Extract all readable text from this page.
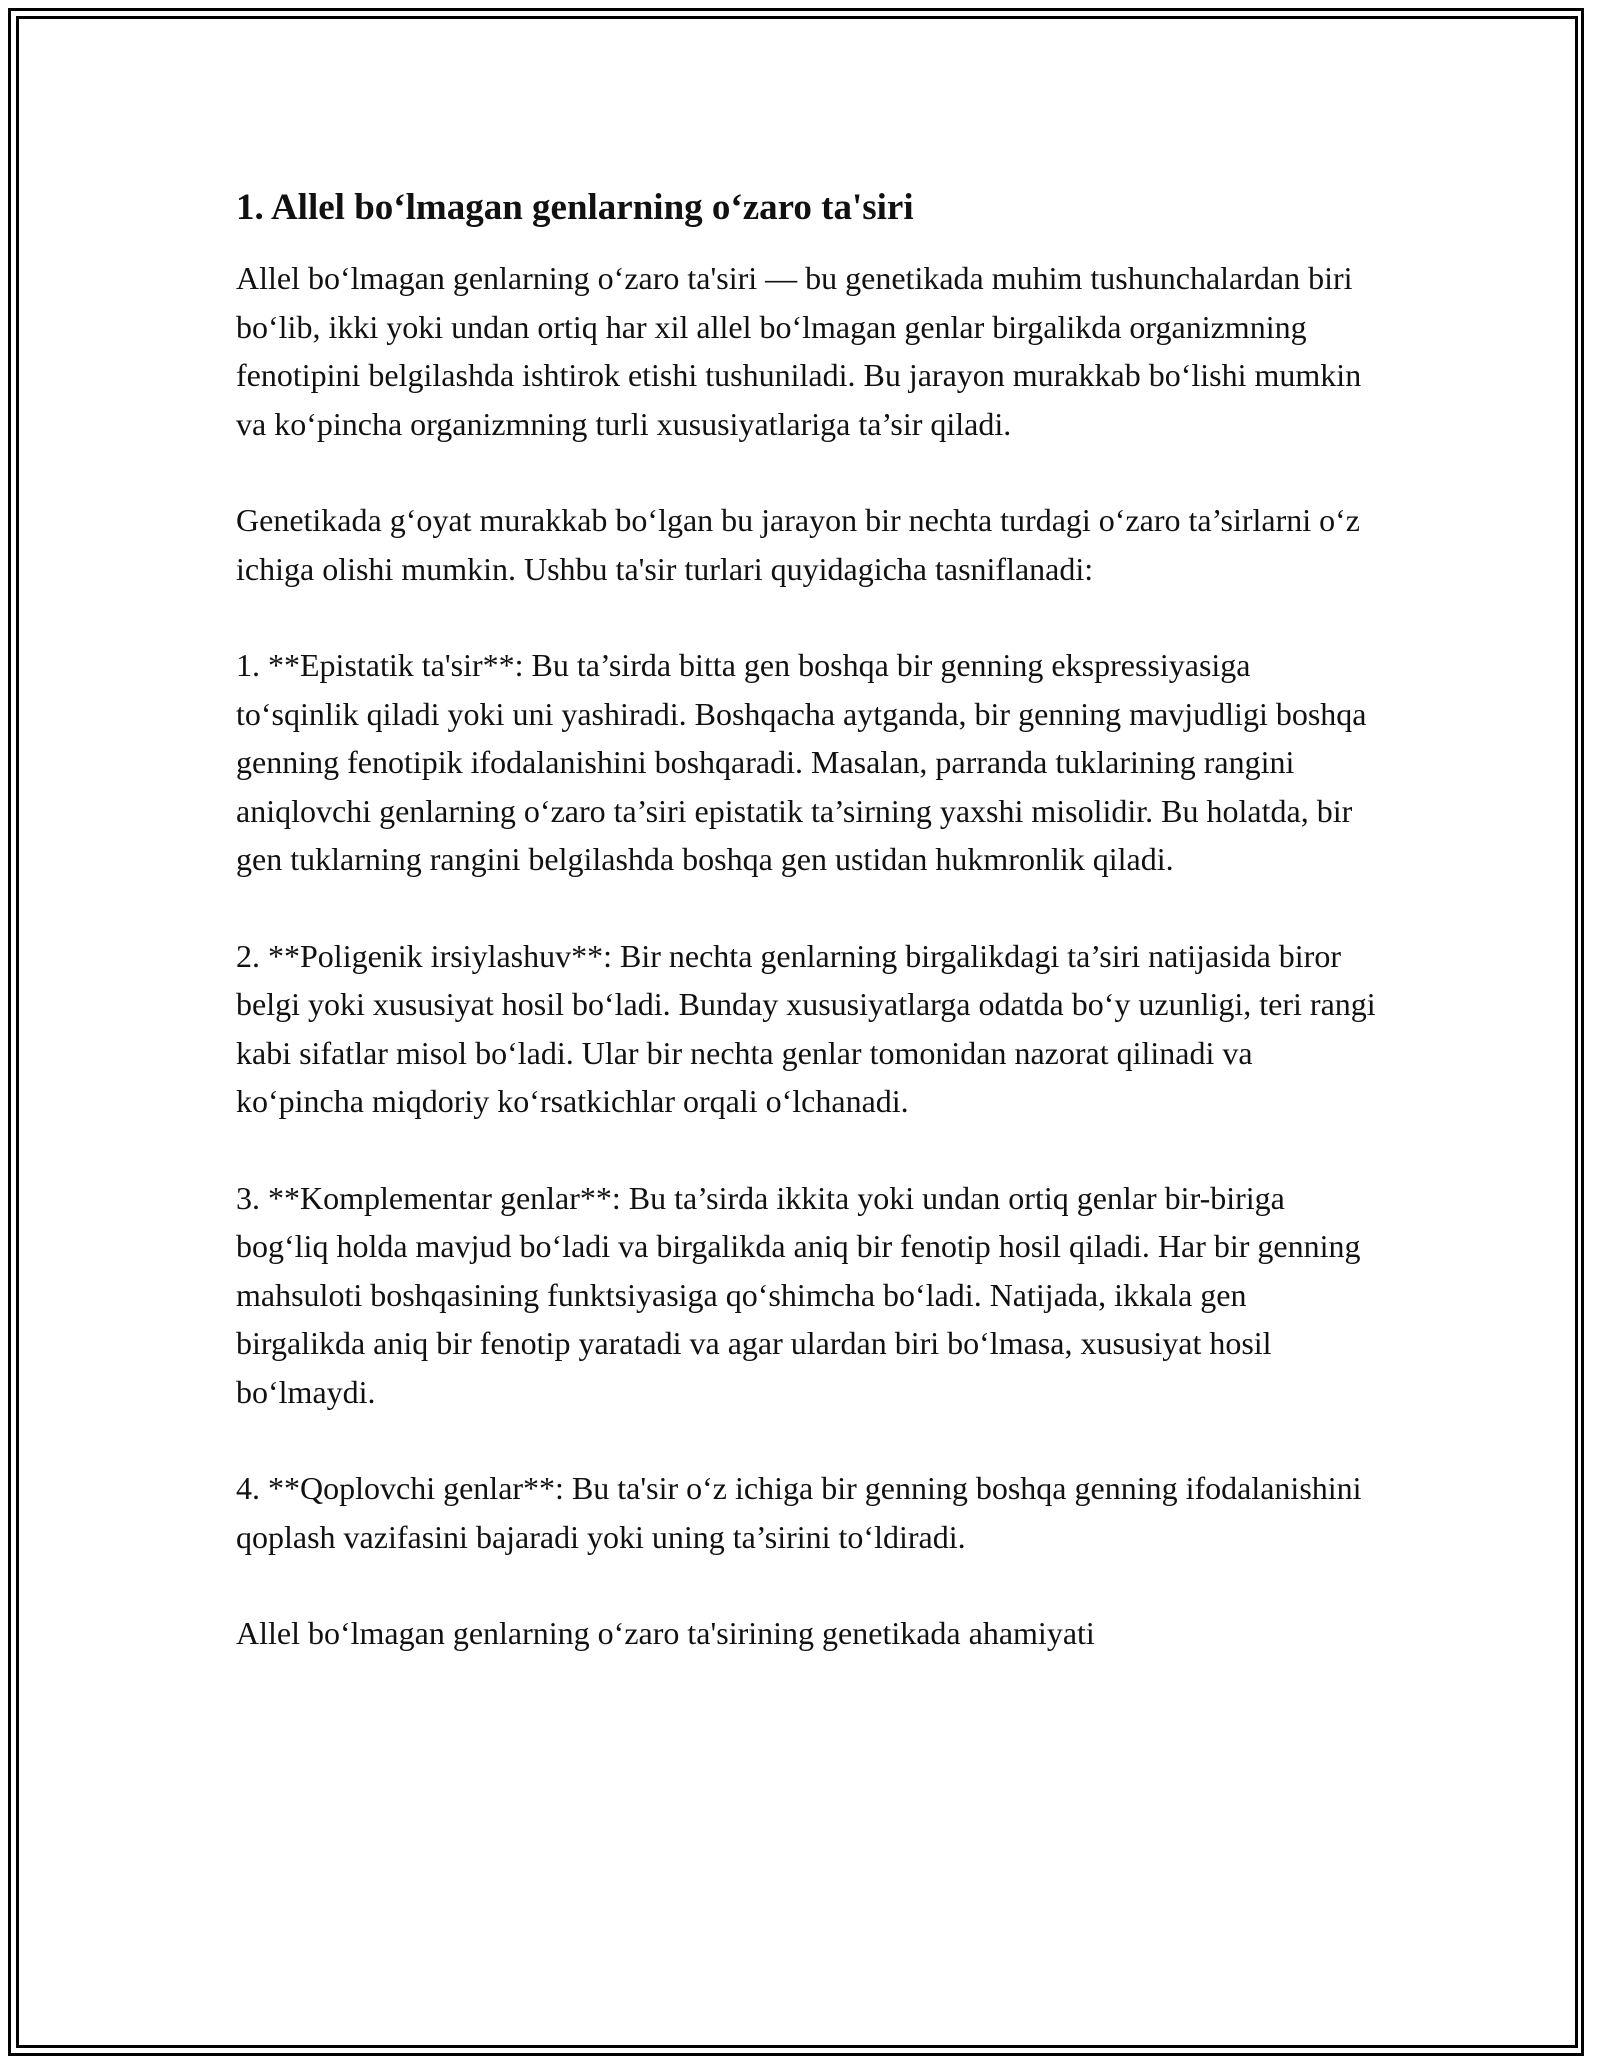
1. Allel bo‘lmagan genlarning o‘zaro ta'siri

Allel bo‘lmagan genlarning o‘zaro ta'siri — bu genetikada muhim tushunchalardan biri bo‘lib, ikki yoki undan ortiq har xil allel bo‘lmagan genlar birgalikda organizmning fenotipini belgilashda ishtirok etishi tushuniladi. Bu jarayon murakkab bo‘lishi mumkin va ko‘pincha organizmning turli xususiyatlariga ta’sir qiladi.

Genetikada g‘oyat murakkab bo‘lgan bu jarayon bir nechta turdagi o‘zaro ta’sirlarni o‘z ichiga olishi mumkin. Ushbu ta'sir turlari quyidagicha tasniflanadi:

1. **Epistatik ta'sir**: Bu ta’sirda bitta gen boshqa bir genning ekspressiyasiga to‘sqinlik qiladi yoki uni yashiradi. Boshqacha aytganda, bir genning mavjudligi boshqa genning fenotipik ifodalanishini boshqaradi. Masalan, parranda tuklarining rangini aniqlovchi genlarning o‘zaro ta’siri epistatik ta’sirning yaxshi misolidir. Bu holatda, bir gen tuklarning rangini belgilashda boshqa gen ustidan hukmronlik qiladi.

2. **Poligenik irsiylashuv**: Bir nechta genlarning birgalikdagi ta’siri natijasida biror belgi yoki xususiyat hosil bo‘ladi. Bunday xususiyatlarga odatda bo‘y uzunligi, teri rangi kabi sifatlar misol bo‘ladi. Ular bir nechta genlar tomonidan nazorat qilinadi va ko‘pincha miqdoriy ko‘rsatkichlar orqali o‘lchanadi.

3. **Komplementar genlar**: Bu ta’sirda ikkita yoki undan ortiq genlar bir-biriga bog‘liq holda mavjud bo‘ladi va birgalikda aniq bir fenotip hosil qiladi. Har bir genning mahsuloti boshqasining funktsiyasiga qo‘shimcha bo‘ladi. Natijada, ikkala gen birgalikda aniq bir fenotip yaratadi va agar ulardan biri bo‘lmasa, xususiyat hosil bo‘lmaydi.

4. **Qoplovchi genlar**: Bu ta'sir o‘z ichiga bir genning boshqa genning ifodalanishini qoplash vazifasini bajaradi yoki uning ta’sirini to‘ldiradi.

Allel bo‘lmagan genlarning o‘zaro ta'sirining genetikada ahamiyati
